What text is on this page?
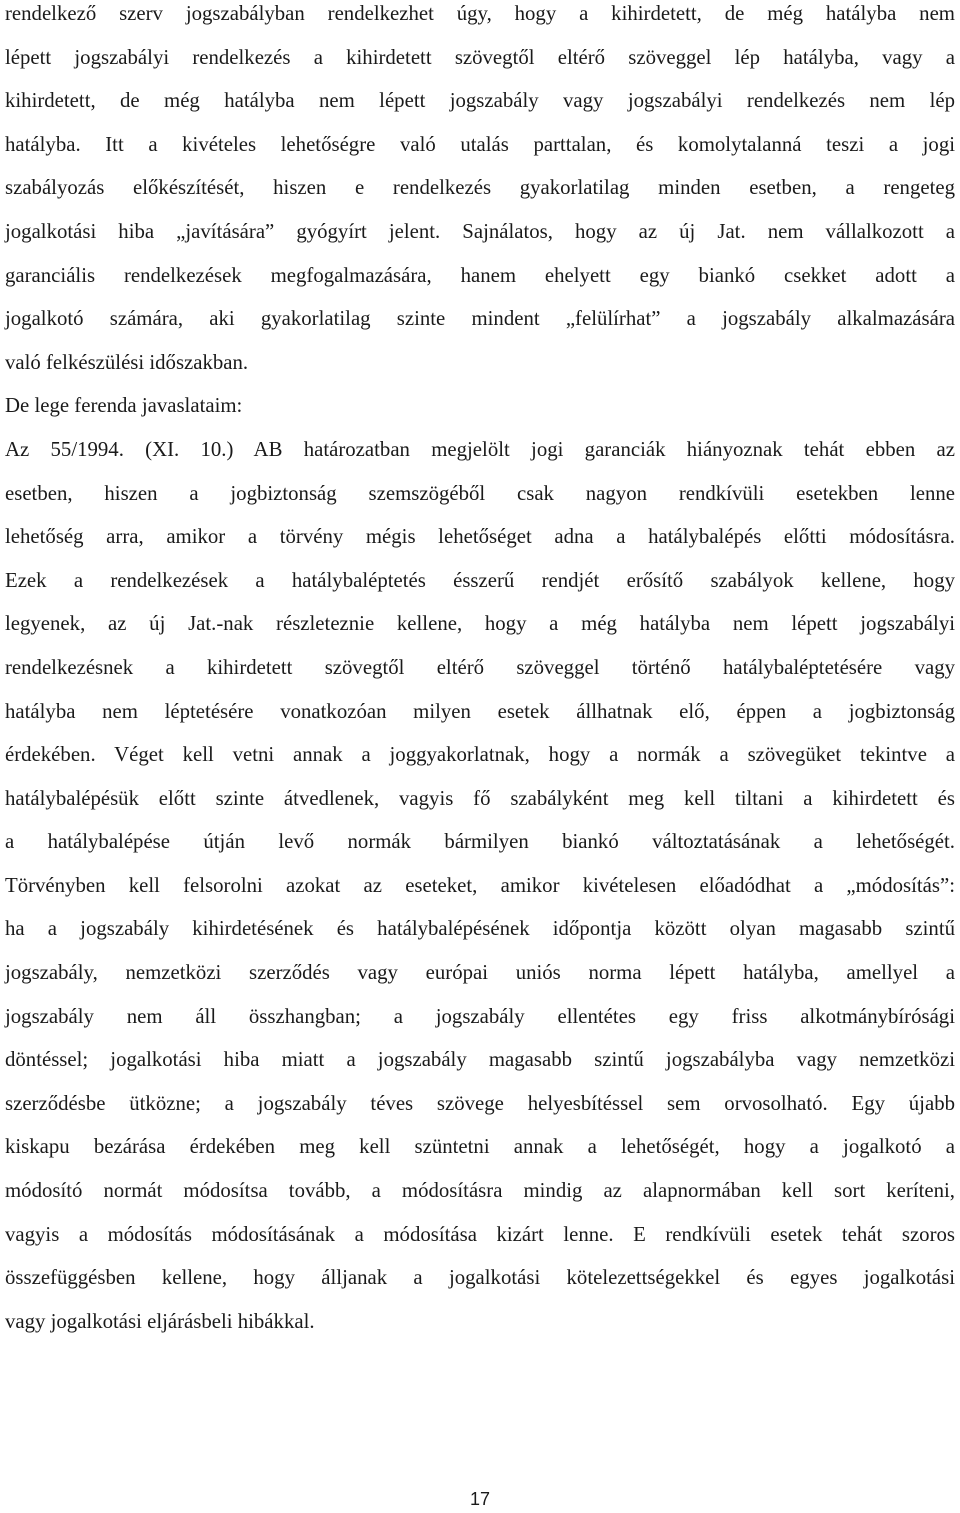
rendelkező szerv jogszabályban rendelkezhet úgy, hogy a kihirdetett, de még hatályba nem
lépett jogszabályi rendelkezés a kihirdetett szövegtől eltérő szöveggel lép hatályba, vagy a
kihirdetett, de még hatályba nem lépett jogszabály vagy jogszabályi rendelkezés nem lép
hatályba. Itt a kivételes lehetőségre való utalás parttalan, és komolytalanná teszi a jogi
szabályozás előkészítését, hiszen e rendelkezés gyakorlatilag minden esetben, a rengeteg
jogalkotási hiba „javítására” gyógyírt jelent. Sajnálatos, hogy az új Jat. nem vállalkozott a
garanciális rendelkezések megfogalmazására, hanem ehelyett egy biankó csekket adott a
jogalkotó számára, aki gyakorlatilag szinte mindent „felülírhat” a jogszabály alkalmazására
való felkészülési időszakban.
De lege ferenda javaslataim:
Az 55/1994. (XI. 10.) AB határozatban megjelölt jogi garanciák hiányoznak tehát ebben az
esetben, hiszen a jogbiztonság szemszögéből csak nagyon rendkívüli esetekben lenne
lehetőség arra, amikor a törvény mégis lehetőséget adna a hatálybalépés előtti módosításra.
Ezek a rendelkezések a hatálybaléptetés ésszerű rendjét erősítő szabályok kellene, hogy
legyenek, az új Jat.-nak részleteznie kellene, hogy a még hatályba nem lépett jogszabályi
rendelkezésnek a kihirdetett szövegtől eltérő szöveggel történő hatálybaléptetésére vagy
hatályba nem léptetésére vonatkozóan milyen esetek állhatnak elő, éppen a jogbiztonság
érdekében. Véget kell vetni annak a joggyakorlatnak, hogy a normák a szövegüket tekintve a
hatálybalépésük előtt szinte átvedlenek, vagyis fő szabályként meg kell tiltani a kihirdetett és
a hatálybalépése útján levő normák bármilyen biankó változtatásának a lehetőségét.
Törvényben kell felsorolni azokat az eseteket, amikor kivételesen előadódhat a „módosítás”:
ha a jogszabály kihirdetésének és hatálybalépésének időpontja között olyan magasabb szintű
jogszabály, nemzetközi szerződés vagy európai uniós norma lépett hatályba, amellyel a
jogszabály nem áll összhangban; a jogszabály ellentétes egy friss alkotmánybírósági
döntéssel; jogalkotási hiba miatt a jogszabály magasabb szintű jogszabályba vagy nemzetközi
szerződésbe ütközne; a jogszabály téves szövege helyesbítéssel sem orvosolható. Egy újabb
kiskapu bezárása érdekében meg kell szüntetni annak a lehetőségét, hogy a jogalkotó a
módosító normát módosítsa tovább, a módosításra mindig az alapnormában kell sort keríteni,
vagyis a módosítás módosításának a módosítása kizárt lenne. E rendkívüli esetek tehát szoros
összefüggésben kellene, hogy álljanak a jogalkotási kötelezettségekkel és egyes jogalkotási
vagy jogalkotási eljárásbeli hibákkal.
17
